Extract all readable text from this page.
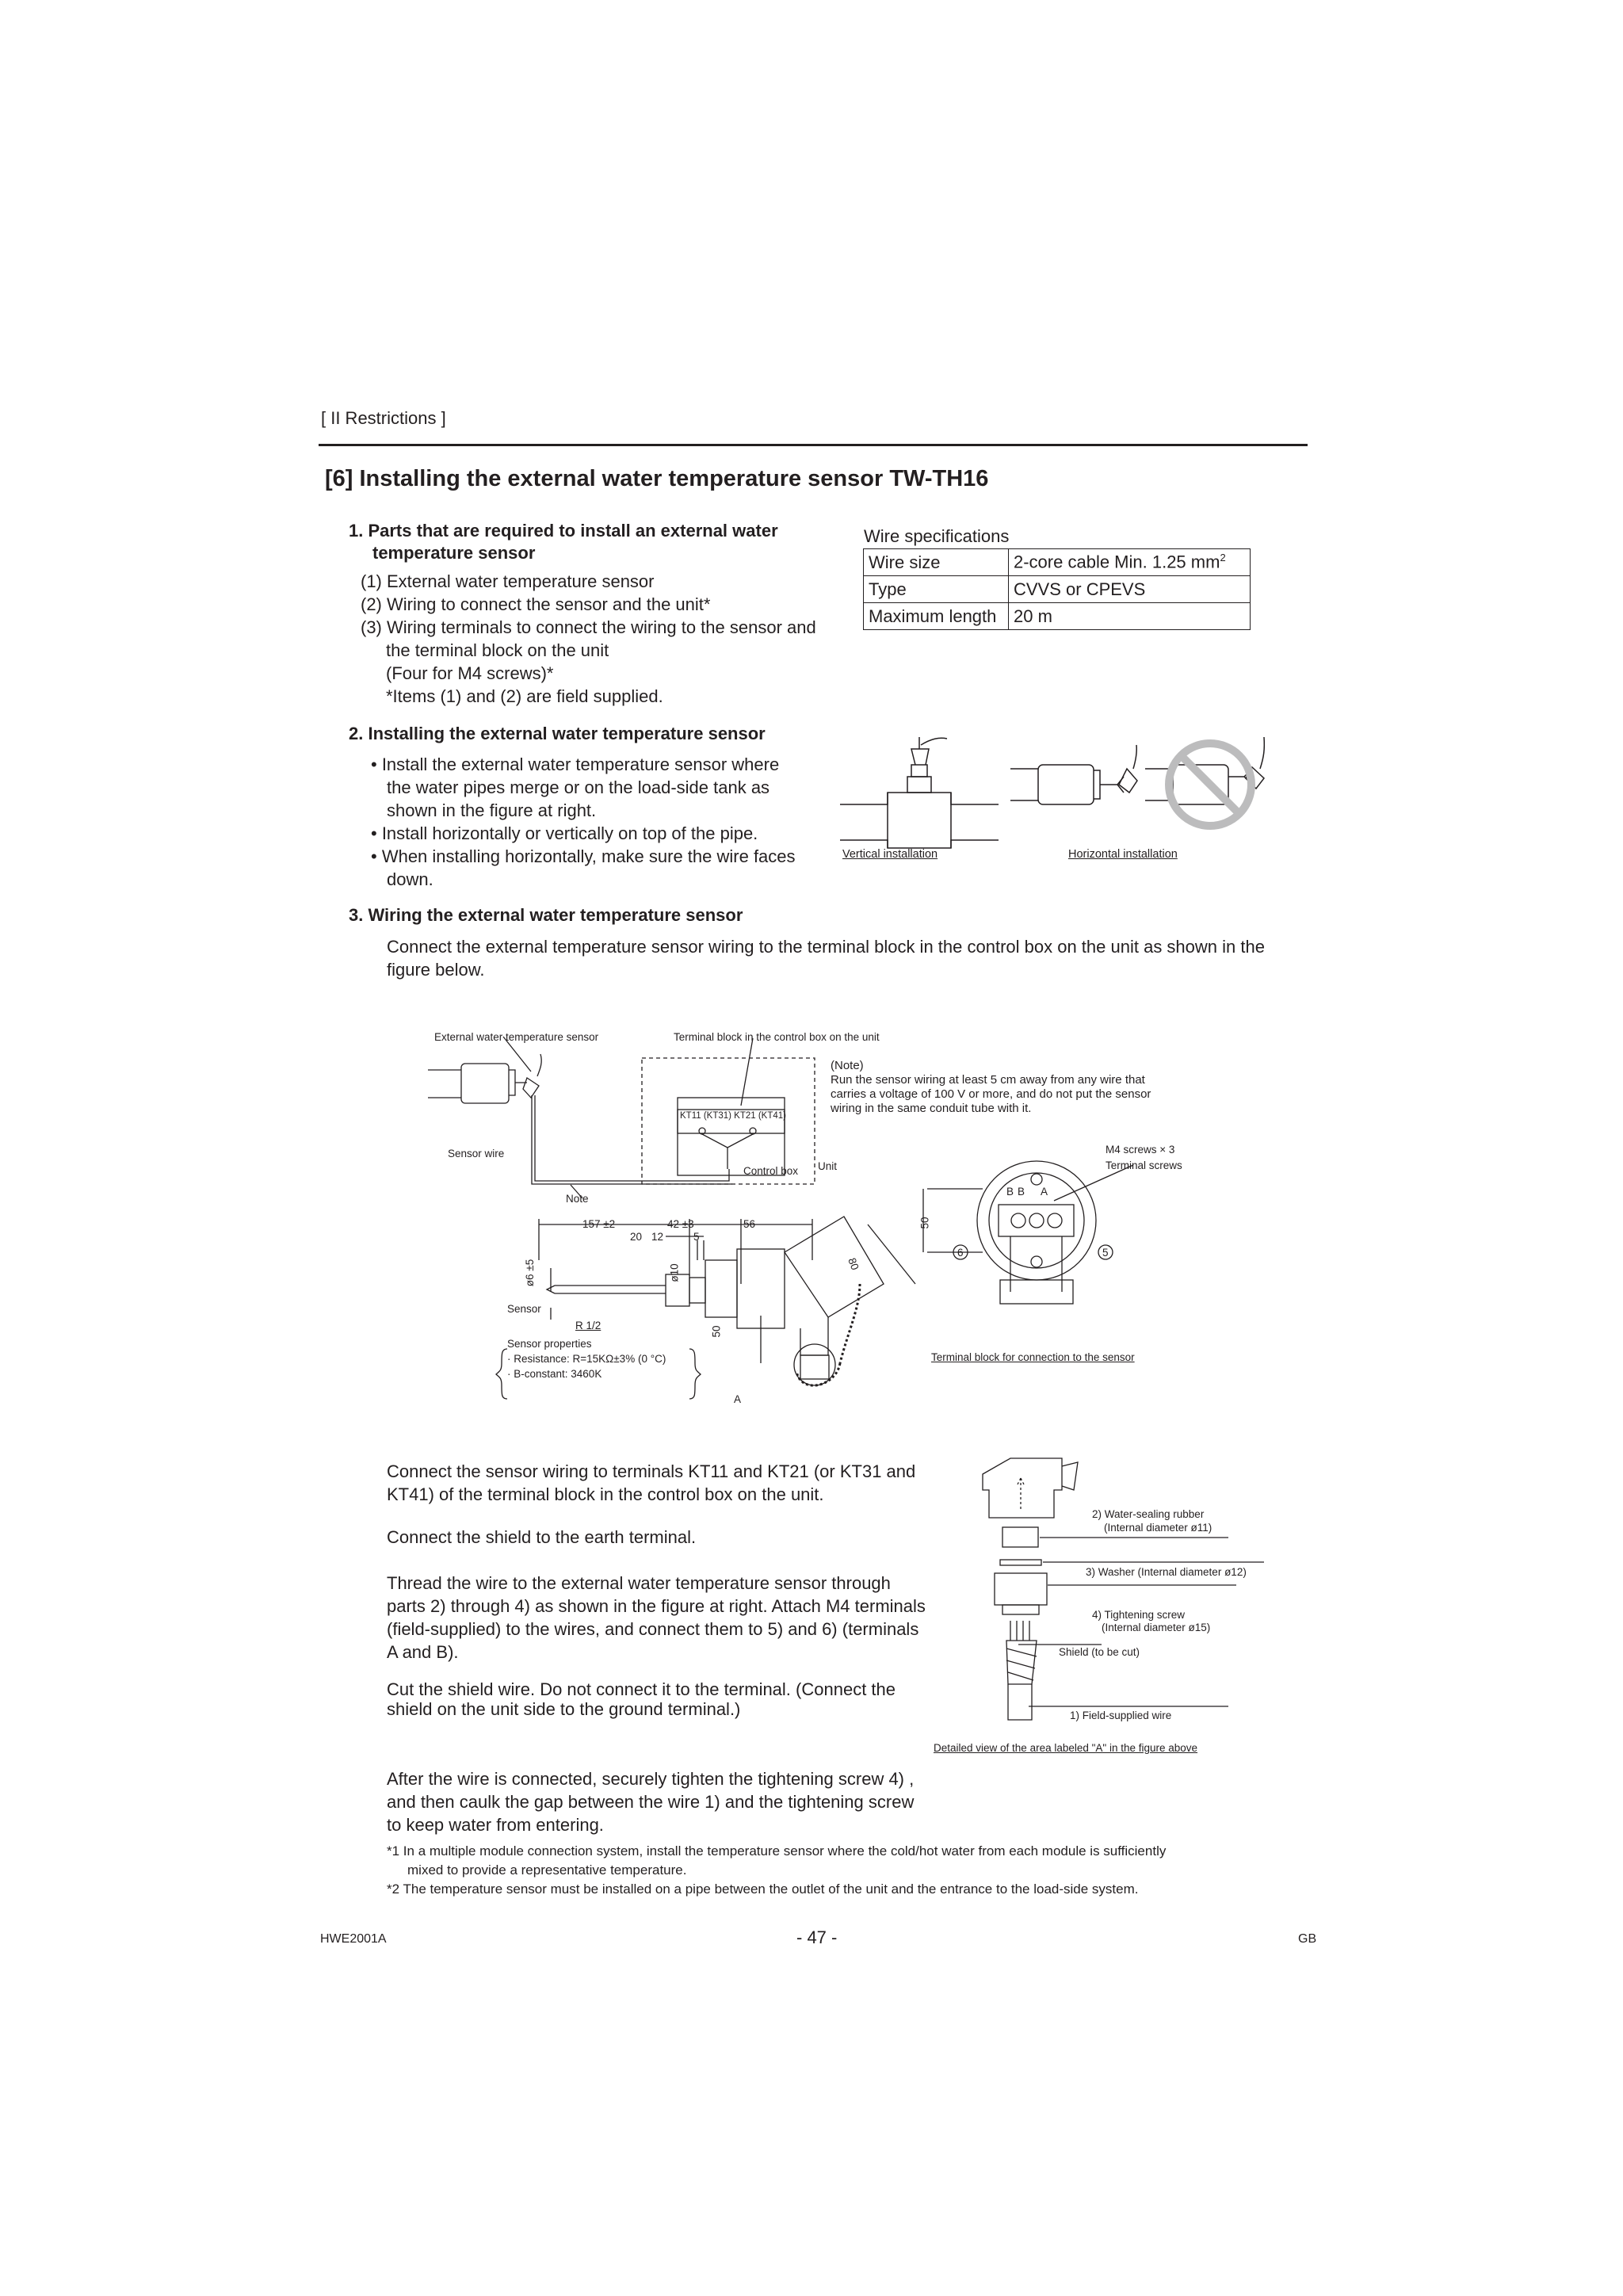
[ II Restrictions ]
[6] Installing the external water temperature sensor TW-TH16
1. Parts that are required to install an external water
temperature sensor
(1) External water temperature sensor
(2) Wiring to connect the sensor and the unit*
(3) Wiring terminals to connect the wiring to the sensor and
the terminal block on the unit
(Four for M4 screws)*
*Items (1) and (2) are field supplied.
Wire specifications
Wire size	2-core cable Min. 1.25 $mm^2$
Type	CVVS or CPEVS
Maximum length	20 m
2. Installing the external water temperature sensor
• Install the external water temperature sensor where
the water pipes merge or on the load-side tank as
shown in the figure at right.
• Install horizontally or vertically on top of the pipe.
• When installing horizontally, make sure the wire faces
down.
Vertical installation	Horizontal installation
3. Wiring the external water temperature sensor
Connect the external temperature sensor wiring to the terminal block in the control box on the unit as shown in the
figure below.
External water temperature sensor	Terminal block in the control box on the unit
KT11 (KT31) KT21 (KT41)
Sensor wire
Control box Unit
Note
(Note)
Run the sensor wiring at least 5 cm away from any wire that
carries a voltage of 100 V or more, and do not put the sensor
wiring in the same conduit tube with it.
M4 screws × 3
Terminal screws
157 ±2	42 ±3	56
20 12	5
ø6 ±5	ø10
50
50
80
R 1/2
Sensor
Sensor properties
· Resistance: R=15KΩ±3% (0 °C)
· B-constant: 3460K
A
B B A
6	5
Terminal block for connection to the sensor
Connect the sensor wiring to terminals KT11 and KT21 (or KT31 and
KT41) of the terminal block in the control box on the unit.
Connect the shield to the earth terminal.
Thread the wire to the external water temperature sensor through
parts 2) through 4) as shown in the figure at right. Attach M4 terminals
(field-supplied) to the wires, and connect them to 5) and 6) (terminals
A and B).
Cut the shield wire. Do not connect it to the terminal. (Connect the
shield on the unit side to the ground terminal.)
After the wire is connected, securely tighten the tightening screw 4) ,
and then caulk the gap between the wire 1) and the tightening screw
to keep water from entering.
2) Water-sealing rubber
(Internal diameter ø11)
3) Washer (Internal diameter ø12)
4) Tightening screw
(Internal diameter ø15)
Shield (to be cut)
1) Field-supplied wire
Detailed view of the area labeled "A" in the figure above
*1 In a multiple module connection system, install the temperature sensor where the cold/hot water from each module is sufficiently
mixed to provide a representative temperature.
*2 The temperature sensor must be installed on a pipe between the outlet of the unit and the entrance to the load-side system.
HWE2001A	- 47 -	GB
